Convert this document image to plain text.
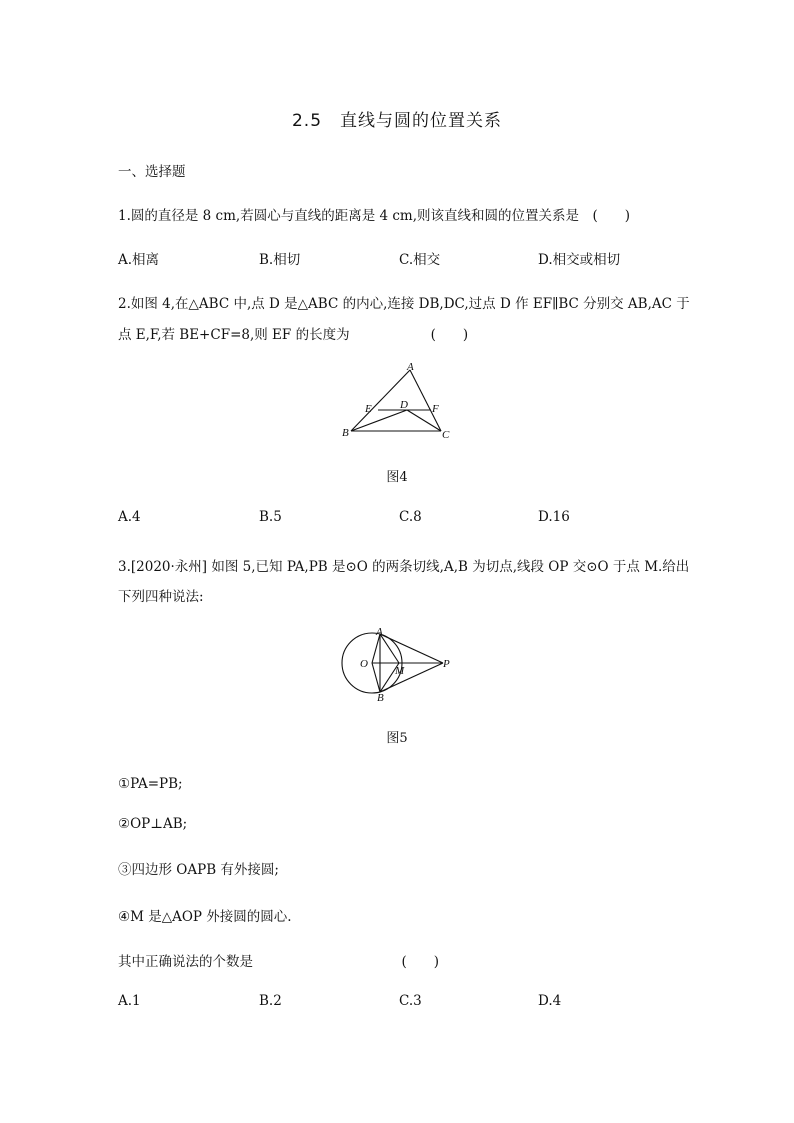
2.5　直线与圆的位置关系
一、选择题
1.圆的直径是 8 cm,若圆心与直线的距离是 4 cm,则该直线和圆的位置关系是　(　　)
A.相离	B.相切	C.相交	D.相交或相切
2.如图 4,在△ABC 中,点 D 是△ABC 的内心,连接 DB,DC,过点 D 作 EF∥BC 分别交 AB,AC 于
点 E,F,若 BE+CF=8,则 EF 的长度为　　　　　　(　　)
A
B	C
D
E	F
图4
A.4	B.5	C.8	D.16
3.[2020·永州] 如图 5,已知 PA,PB 是⊙O 的两条切线,A,B 为切点,线段 OP 交⊙O 于点 M.给出
下列四种说法:
A
B
O
M
P
图5
①PA=PB;
②OP⊥AB;
③四边形 OAPB 有外接圆;
④M 是△AOP 外接圆的圆心.
其中正确说法的个数是　　　　　　　　　　　(　　)
A.1	B.2	C.3	D.4
